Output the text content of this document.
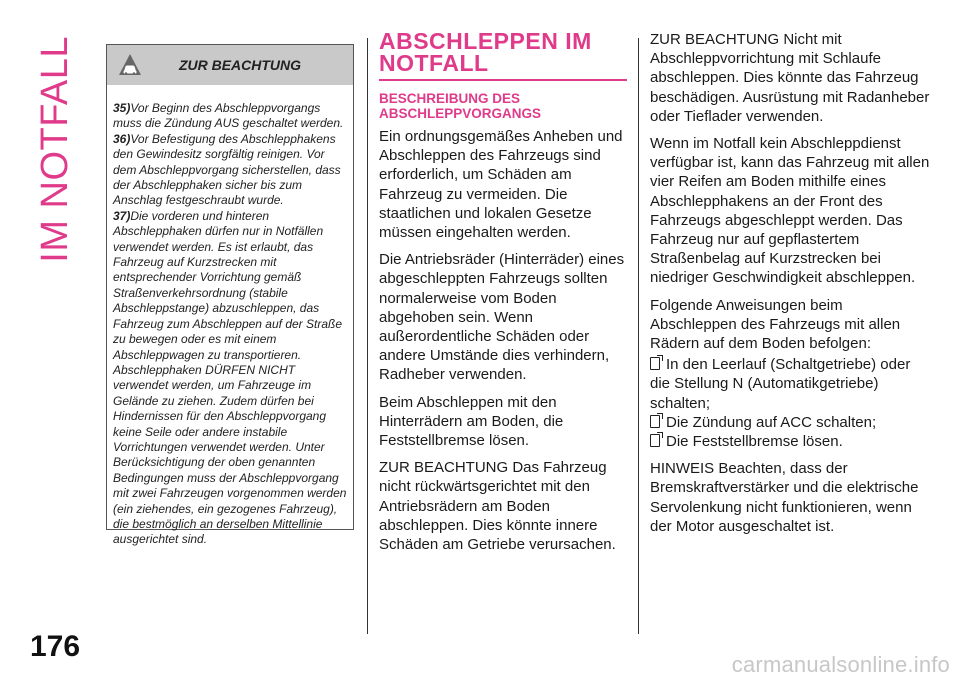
IM NOTFALL
176
ZUR BEACHTUNG

35)Vor Beginn des Abschleppvorgangs muss die Zündung AUS geschaltet werden.

36)Vor Befestigung des Abschlepphakens den Gewindesitz sorgfältig reinigen. Vor dem Abschleppvorgang sicherstellen, dass der Abschlepphaken sicher bis zum Anschlag festgeschraubt wurde.

37)Die vorderen und hinteren Abschlepphaken dürfen nur in Notfällen verwendet werden. Es ist erlaubt, das Fahrzeug auf Kurzstrecken mit entsprechender Vorrichtung gemäß Straßenverkehrsordnung (stabile Abschleppstange) abzuschleppen, das Fahrzeug zum Abschleppen auf der Straße zu bewegen oder es mit einem Abschleppwagen zu transportieren. Abschlepphaken DÜRFEN NICHT verwendet werden, um Fahrzeuge im Gelände zu ziehen. Zudem dürfen bei Hindernissen für den Abschleppvorgang keine Seile oder andere instabile Vorrichtungen verwendet werden. Unter Berücksichtigung der oben genannten Bedingungen muss der Abschleppvorgang mit zwei Fahrzeugen vorgenommen werden (ein ziehendes, ein gezogenes Fahrzeug), die bestmöglich an derselben Mittellinie ausgerichtet sind.

ABSCHLEPPEN IM
NOTFALL
BESCHREIBUNG DES ABSCHLEPPVORGANGS

Ein ordnungsgemäßes Anheben und Abschleppen des Fahrzeugs sind erforderlich, um Schäden am Fahrzeug zu vermeiden. Die staatlichen und lokalen Gesetze müssen eingehalten werden.

Die Antriebsräder (Hinterräder) eines abgeschleppten Fahrzeugs sollten normalerweise vom Boden abgehoben sein. Wenn außerordentliche Schäden oder andere Umstände dies verhindern, Radheber verwenden.

Beim Abschleppen mit den Hinterrädern am Boden, die Feststellbremse lösen.

ZUR BEACHTUNG Das Fahrzeug nicht rückwärtsgerichtet mit den Antriebsrädern am Boden abschleppen. Dies könnte innere Schäden am Getriebe verursachen.

ZUR BEACHTUNG Nicht mit Abschleppvorrichtung mit Schlaufe abschleppen. Dies könnte das Fahrzeug beschädigen. Ausrüstung mit Radanheber oder Tieflader verwenden.

Wenn im Notfall kein Abschleppdienst verfügbar ist, kann das Fahrzeug mit allen vier Reifen am Boden mithilfe eines Abschlepphakens an der Front des Fahrzeugs abgeschleppt werden. Das Fahrzeug nur auf gepflastertem Straßenbelag auf Kurzstrecken bei niedriger Geschwindigkeit abschleppen.

Folgende Anweisungen beim Abschleppen des Fahrzeugs mit allen Rädern auf dem Boden befolgen:

In den Leerlauf (Schaltgetriebe) oder die Stellung N (Automatikgetriebe) schalten;
Die Zündung auf ACC schalten;
Die Feststellbremse lösen.

HINWEIS Beachten, dass der Bremskraftverstärker und die elektrische Servolenkung nicht funktionieren, wenn der Motor ausgeschaltet ist.

carmanualsonline.info
